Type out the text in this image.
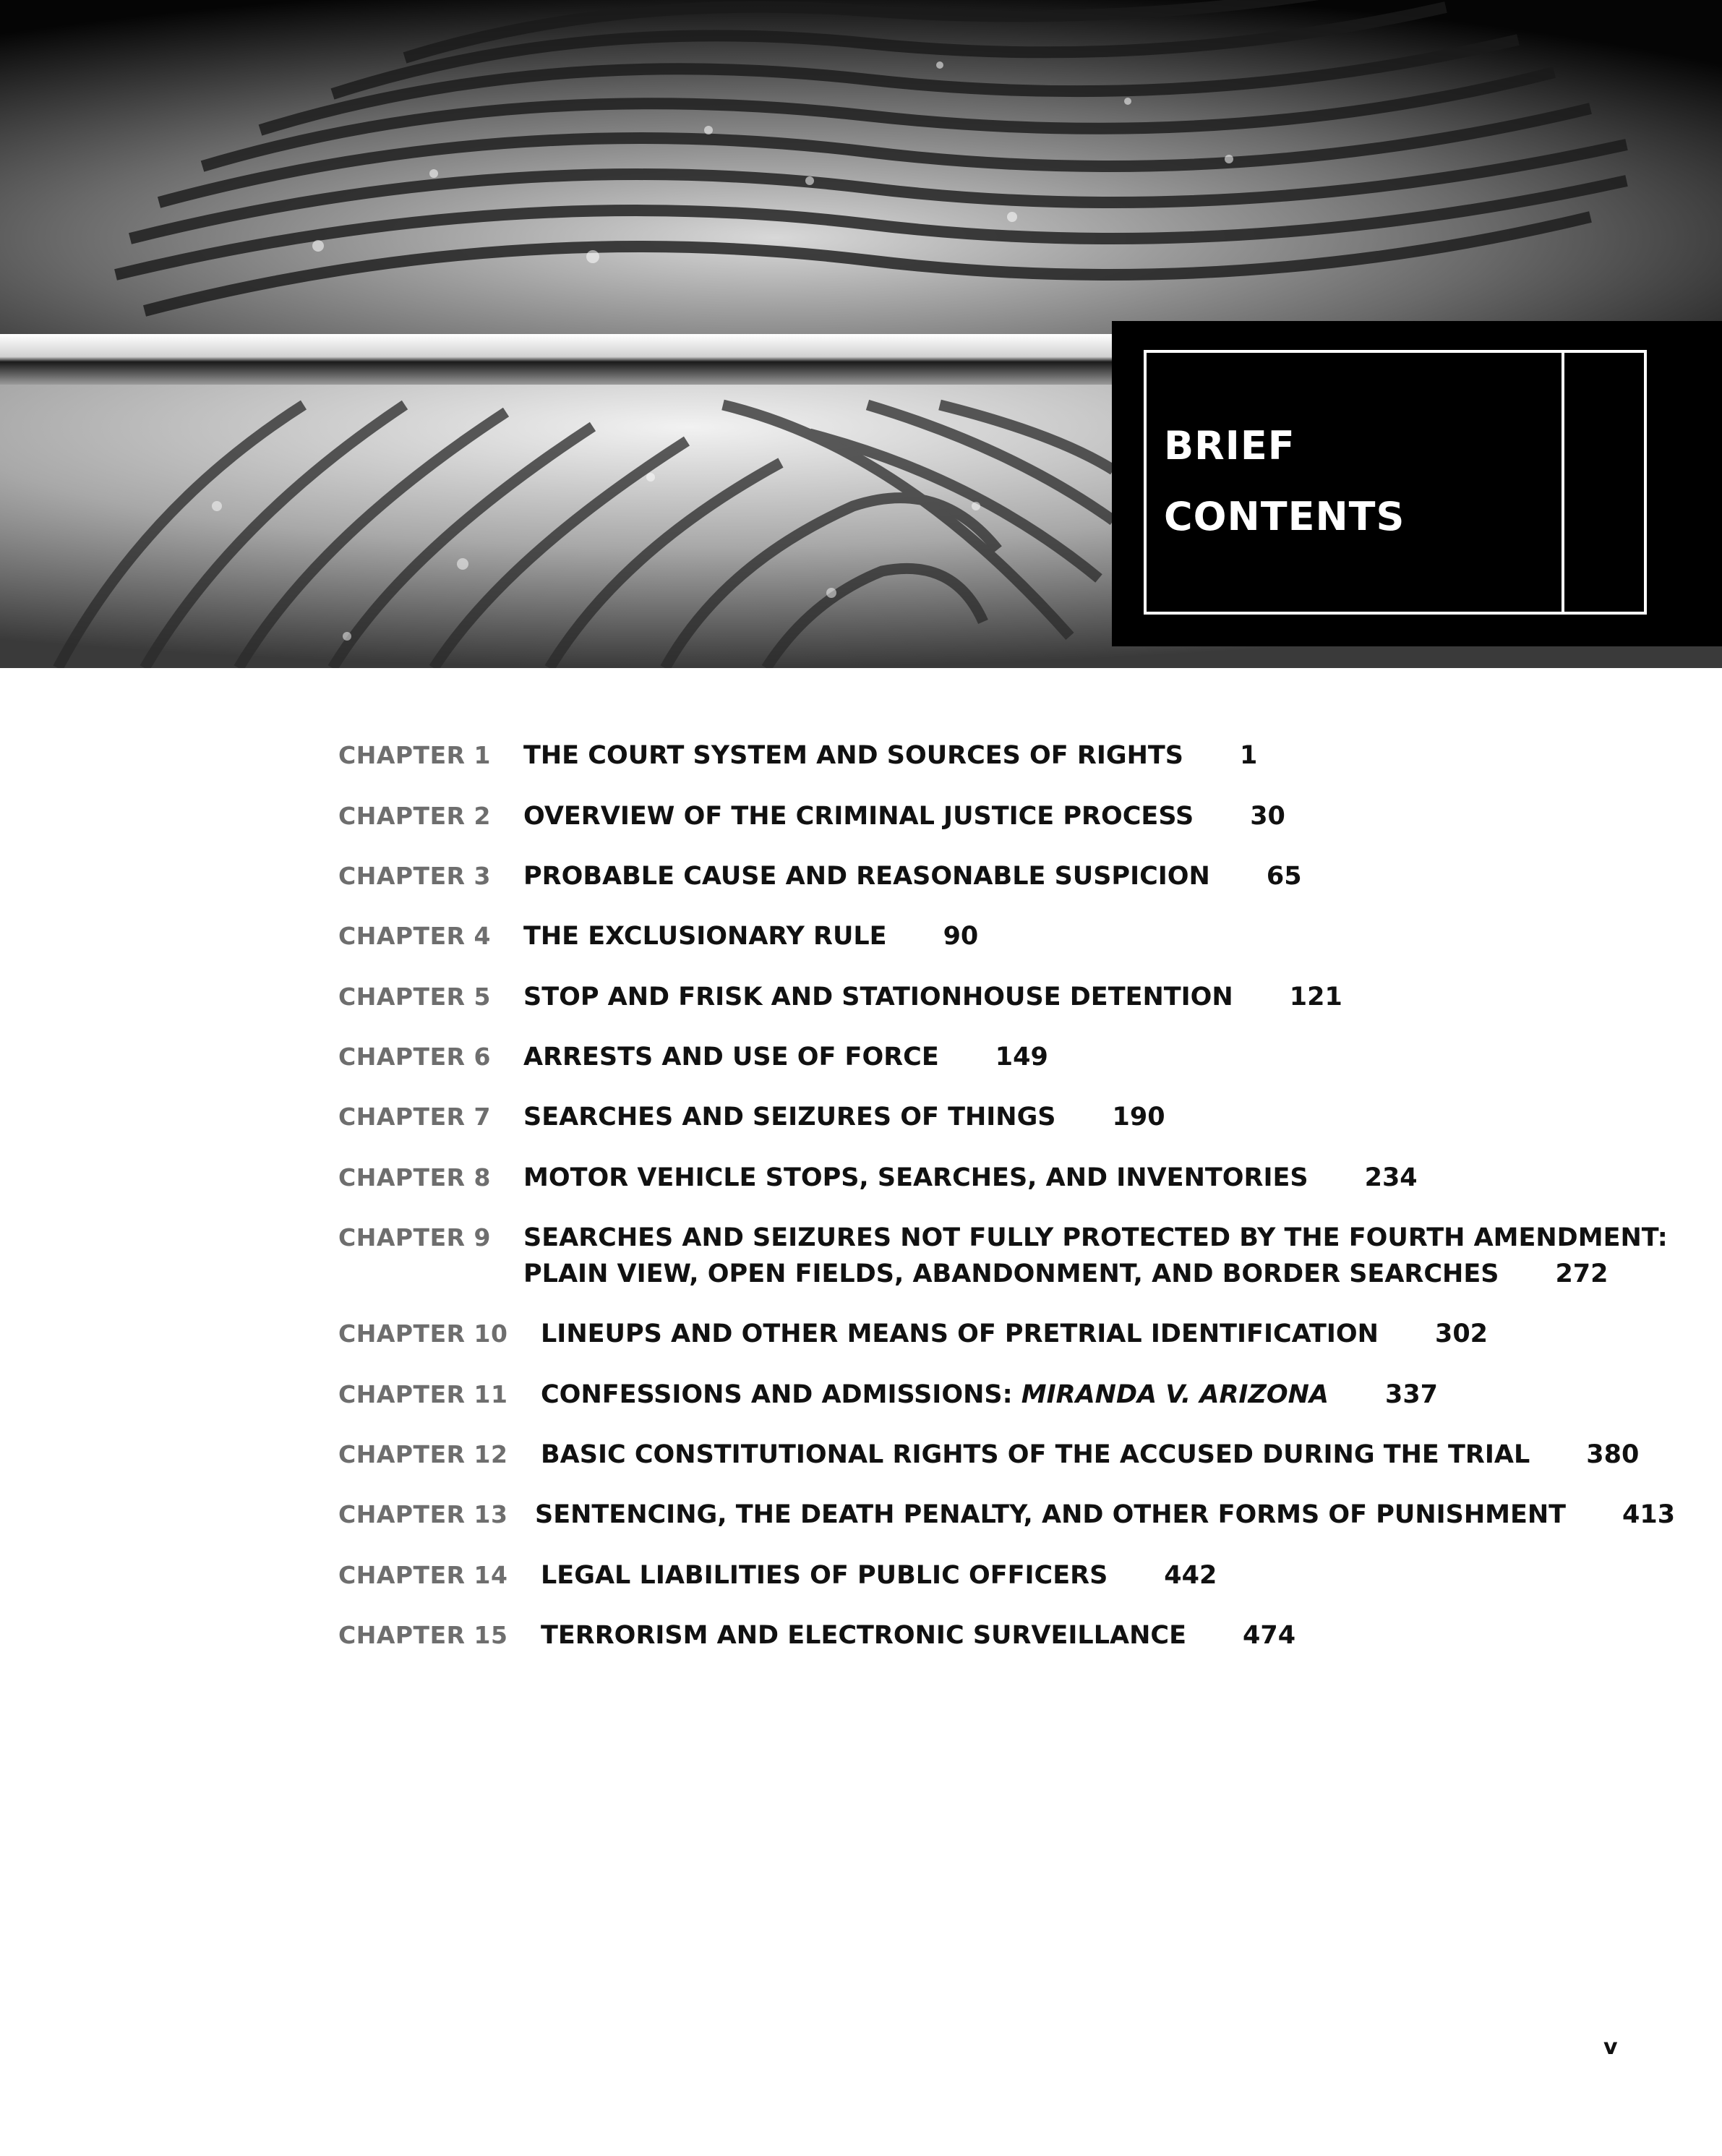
BRIEF
CONTENTS
CHAPTER 1 THE COURT SYSTEM AND SOURCES OF RIGHTS 1
CHAPTER 2 OVERVIEW OF THE CRIMINAL JUSTICE PROCESS 30
CHAPTER 3 PROBABLE CAUSE AND REASONABLE SUSPICION 65
CHAPTER 4 THE EXCLUSIONARY RULE 90
CHAPTER 5 STOP AND FRISK AND STATIONHOUSE DETENTION 121
CHAPTER 6 ARRESTS AND USE OF FORCE 149
CHAPTER 7 SEARCHES AND SEIZURES OF THINGS 190
CHAPTER 8 MOTOR VEHICLE STOPS, SEARCHES, AND INVENTORIES 234
CHAPTER 9 SEARCHES AND SEIZURES NOT FULLY PROTECTED BY THE FOURTH AMENDMENT:
PLAIN VIEW, OPEN FIELDS, ABANDONMENT, AND BORDER SEARCHES 272
CHAPTER 10 LINEUPS AND OTHER MEANS OF PRETRIAL IDENTIFICATION 302
CHAPTER 11 CONFESSIONS AND ADMISSIONS: MIRANDA V. ARIZONA 337
CHAPTER 12 BASIC CONSTITUTIONAL RIGHTS OF THE ACCUSED DURING THE TRIAL 380
CHAPTER 13 SENTENCING, THE DEATH PENALTY, AND OTHER FORMS OF PUNISHMENT 413
CHAPTER 14 LEGAL LIABILITIES OF PUBLIC OFFICERS 442
CHAPTER 15 TERRORISM AND ELECTRONIC SURVEILLANCE 474
v
